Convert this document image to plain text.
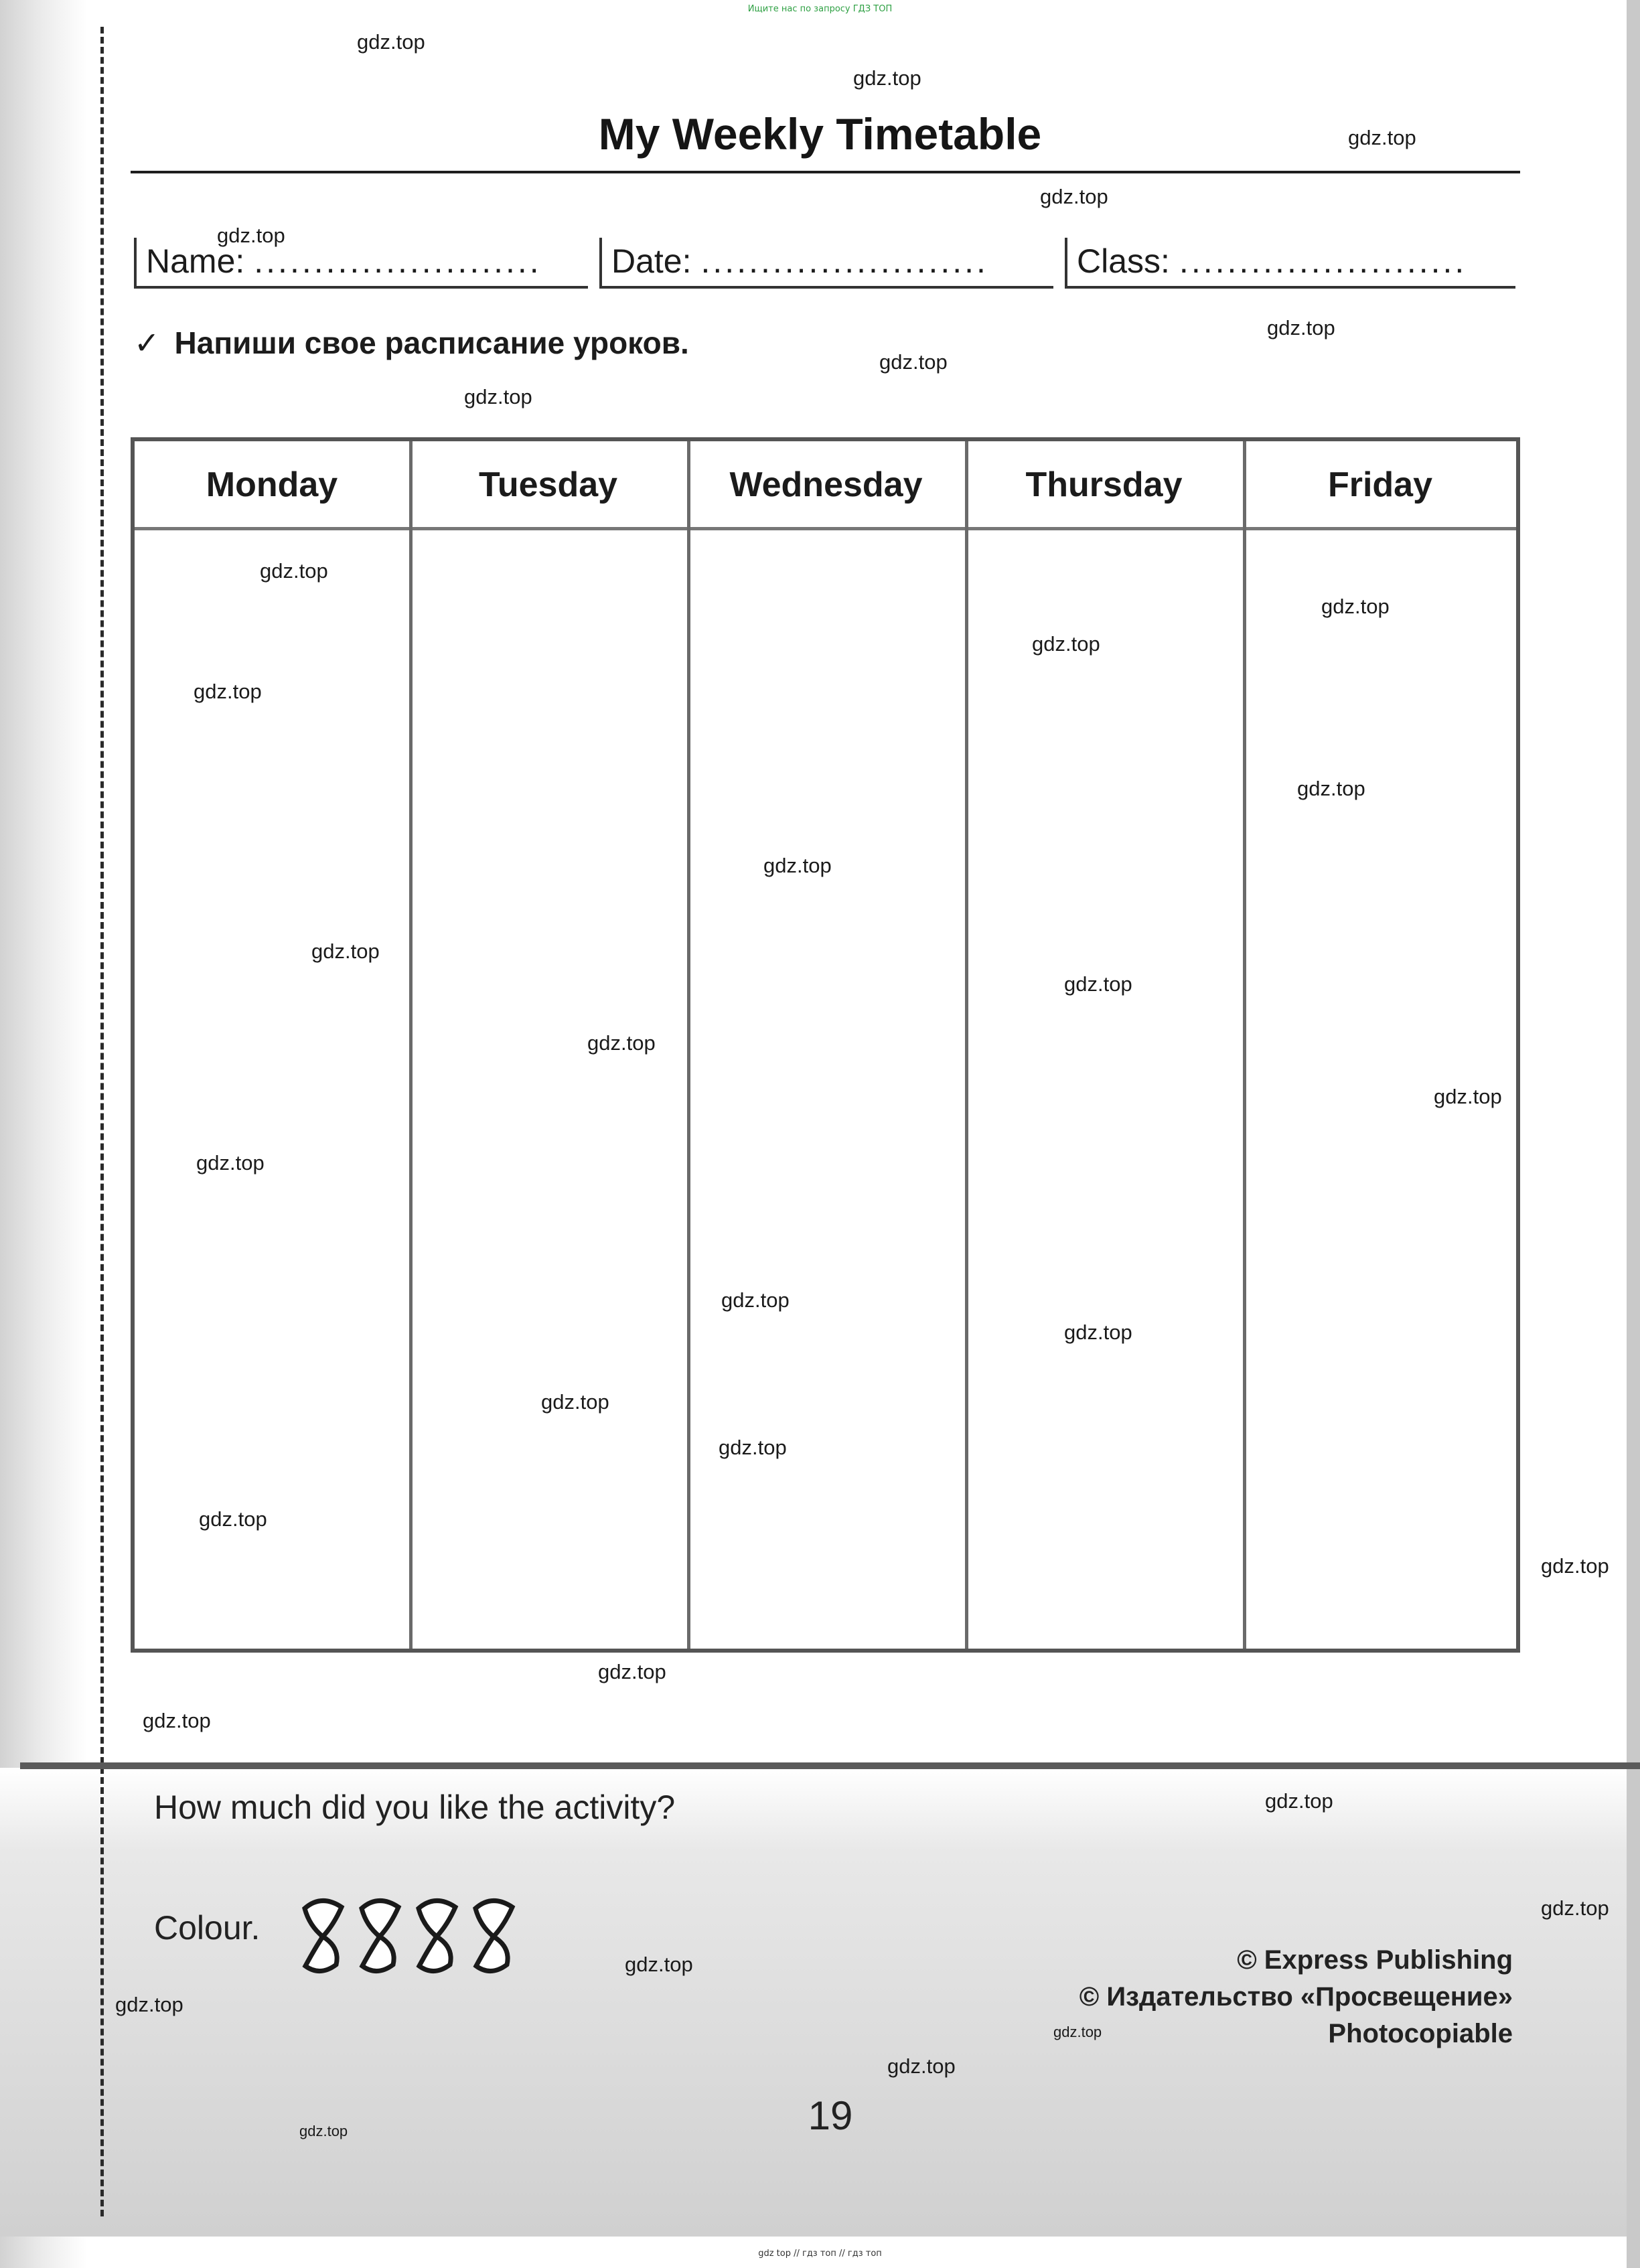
Ищите нас по запросу ГДЗ ТОП
My Weekly Timetable
Name: ........................	Date: ........................	Class: ........................
✓ Напиши свое расписание уроков.
Monday	Tuesday	Wednesday	Thursday	Friday
How much did you like the activity?
Colour.
© Express Publishing
© Издательство «Просвещение»
Photocopiable
19
gdz top // гдз топ // гдз топ
gdz.top
gdz.top
gdz.top
gdz.top
gdz.top
gdz.top
gdz.top
gdz.top
gdz.top
gdz.top
gdz.top
gdz.top
gdz.top
gdz.top
gdz.top
gdz.top
gdz.top
gdz.top
gdz.top
gdz.top
gdz.top
gdz.top
gdz.top
gdz.top
gdz.top
gdz.top
gdz.top
gdz.top
gdz.top
gdz.top
gdz.top
gdz.top
gdz.top
gdz.top
